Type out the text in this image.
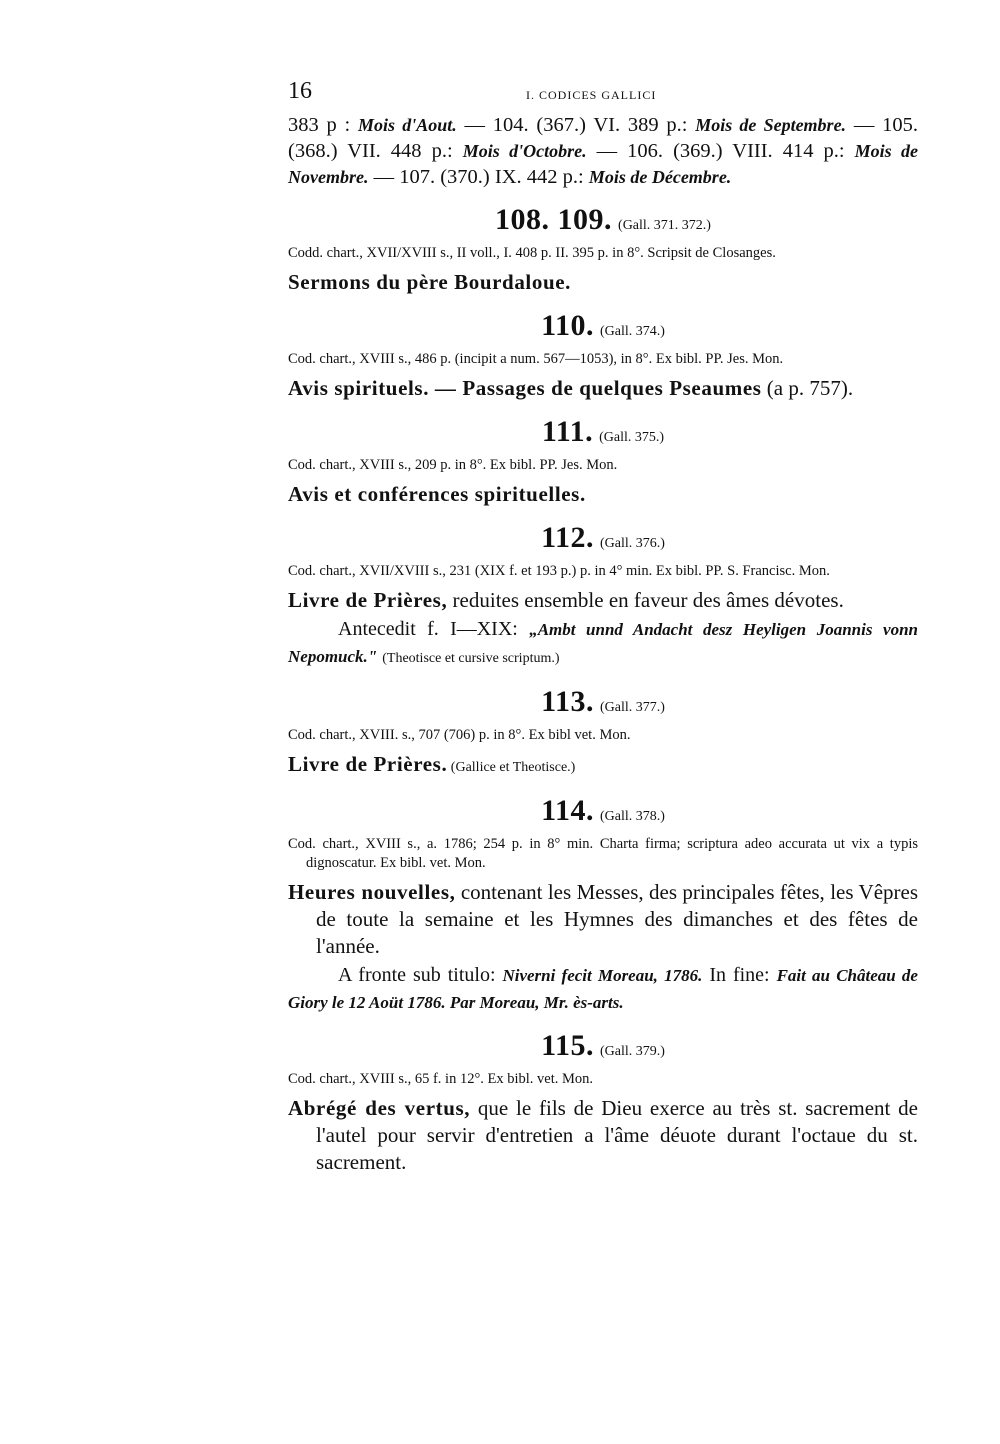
16	I. CODICES GALLICI

383 p : Mois d'Aout. — 104. (367.) VI. 389 p.: Mois de Septembre. — 105. (368.) VII. 448 p.: Mois d'Octobre. — 106. (369.) VIII. 414 p.: Mois de Novembre. — 107. (370.) IX. 442 p.: Mois de Décembre.

108. 109. (Gall. 371. 372.)

Codd. chart., XVII/XVIII s., II voll., I. 408 p. II. 395 p. in 8°. Scripsit de Closanges.

Sermons du père Bourdaloue.

110. (Gall. 374.)

Cod. chart., XVIII s., 486 p. (incipit a num. 567—1053), in 8°. Ex bibl. PP. Jes. Mon.

Avis spirituels. — Passages de quelques Pseaumes (a p. 757).

111. (Gall. 375.)

Cod. chart., XVIII s., 209 p. in 8°. Ex bibl. PP. Jes. Mon.

Avis et conférences spirituelles.

112. (Gall. 376.)

Cod. chart., XVII/XVIII s., 231 (XIX f. et 193 p.) p. in 4° min. Ex bibl. PP. S. Francisc. Mon.

Livre de Prières, reduites ensemble en faveur des âmes dévotes.

Antecedit f. I—XIX: „Ambt unnd Andacht desz Heyligen Joannis vonn Nepomuck." (Theotisce et cursive scriptum.)

113. (Gall. 377.)

Cod. chart., XVIII. s., 707 (706) p. in 8°. Ex bibl vet. Mon.

Livre de Prières. (Gallice et Theotisce.)

114. (Gall. 378.)

Cod. chart., XVIII s., a. 1786; 254 p. in 8° min. Charta firma; scriptura adeo accurata ut vix a typis dignoscatur. Ex bibl. vet. Mon.

Heures nouvelles, contenant les Messes, des principales fêtes, les Vêpres de toute la semaine et les Hymnes des dimanches et des fêtes de l'année.

A fronte sub titulo: Niverni fecit Moreau, 1786. In fine: Fait au Château de Giory le 12 Aoüt 1786. Par Moreau, Mr. ès-arts.

115. (Gall. 379.)

Cod. chart., XVIII s., 65 f. in 12°. Ex bibl. vet. Mon.

Abrégé des vertus, que le fils de Dieu exerce au très st. sacrement de l'autel pour servir d'entretien a l'âme déuote durant l'octaue du st. sacrement.
